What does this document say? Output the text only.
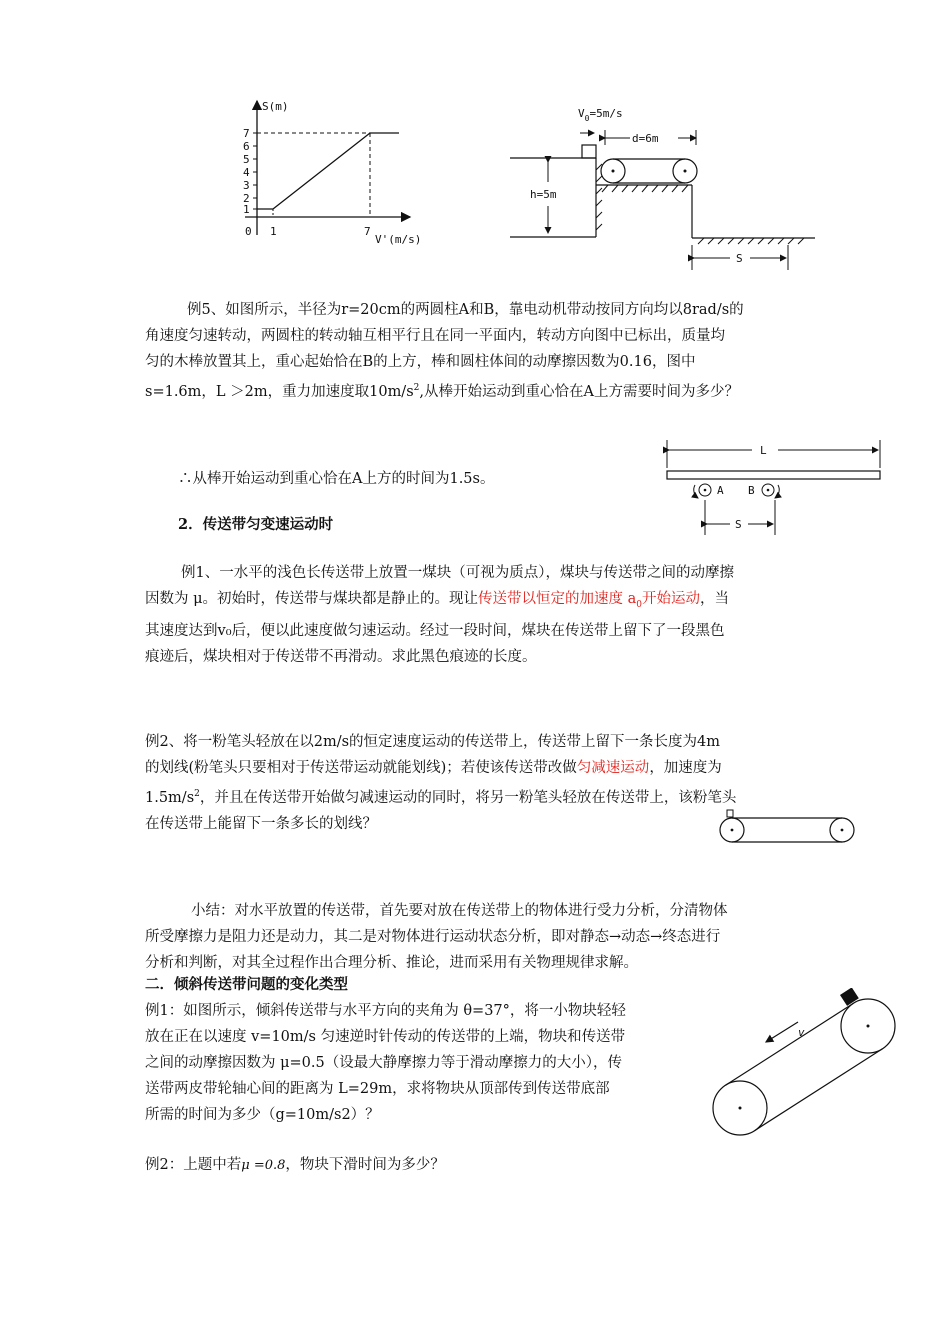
S(m)
7
6
5
4
3
2
1
0 1	7
V'(m/s)
$V_0=5m/s$
d=6m
h=5m
S
例5、如图所示，半径为r=20cm的两圆柱A和B，靠电动机带动按同方向均以8rad/s的
角速度匀速转动，两圆柱的转动轴互相平行且在同一平面内，转动方向图中已标出，质量均
匀的木棒放置其上，重心起始恰在B的上方，棒和圆柱体间的动摩擦因数为0.16，图中
s=1.6m，L ＞2m，重力加速度取$10m/s^2$,从棒开始运动到重心恰在A上方需要时间为多少？
L
A B
S
∴从棒开始运动到重心恰在A上方的时间为1.5s。
2．传送带匀变速运动时
例1、一水平的浅色长传送带上放置一煤块（可视为质点），煤块与传送带之间的动摩擦
因数为 μ。初始时，传送带与煤块都是静止的。现让传送带以恒定的加速度 $a_0$开始运动，当
其速度达到v₀后，便以此速度做匀速运动。经过一段时间，煤块在传送带上留下了一段黑色
痕迹后，煤块相对于传送带不再滑动。求此黑色痕迹的长度。
例2、将一粉笔头轻放在以2m/s的恒定速度运动的传送带上，传送带上留下一条长度为4m
的划线(粉笔头只要相对于传送带运动就能划线)；若使该传送带改做匀减速运动，加速度为
$1.5m/s^2$，并且在传送带开始做匀减速运动的同时，将另一粉笔头轻放在传送带上，该粉笔头
在传送带上能留下一条多长的划线？
小结：对水平放置的传送带，首先要对放在传送带上的物体进行受力分析，分清物体
所受摩擦力是阻力还是动力，其二是对物体进行运动状态分析，即对静态→动态→终态进行
分析和判断，对其全过程作出合理分析、推论，进而采用有关物理规律求解。
二．倾斜传送带问题的变化类型
例1：如图所示，倾斜传送带与水平方向的夹角为 θ=37°，将一小物块轻轻
放在正在以速度 v=10m/s 匀速逆时针传动的传送带的上端，物块和传送带
之间的动摩擦因数为 μ=0.5（设最大静摩擦力等于滑动摩擦力的大小），传
送带两皮带轮轴心间的距离为 L=29m，求将物块从顶部传到传送带底部
所需的时间为多少（g=10m/s2）？
v
例2：上题中若μ =0.8，物块下滑时间为多少？
